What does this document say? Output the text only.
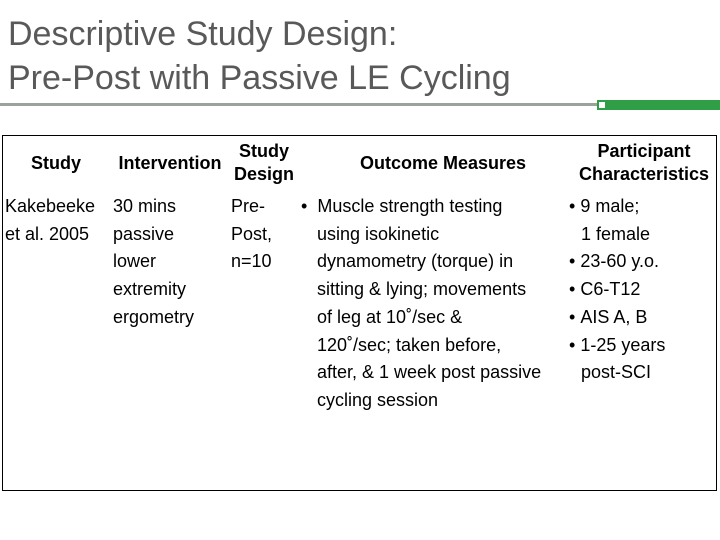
Descriptive Study Design:
Pre-Post with Passive LE Cycling
Study	Intervention
Study
Design
Outcome Measures
Participant
Characteristics
Kakebeeke
et al. 2005
30 mins
passive
lower
extremity
ergometry
Pre-
Post,
n=10
• Muscle strength testing
using isokinetic
dynamometry (torque) in
sitting & lying; movements
of leg at 10˚/sec &
120˚/sec; taken before,
after, & 1 week post passive
cycling session
• 9 male;
1 female
• 23-60 y.o.
• C6-T12
• AIS A, B
• 1-25 years
post-SCI
